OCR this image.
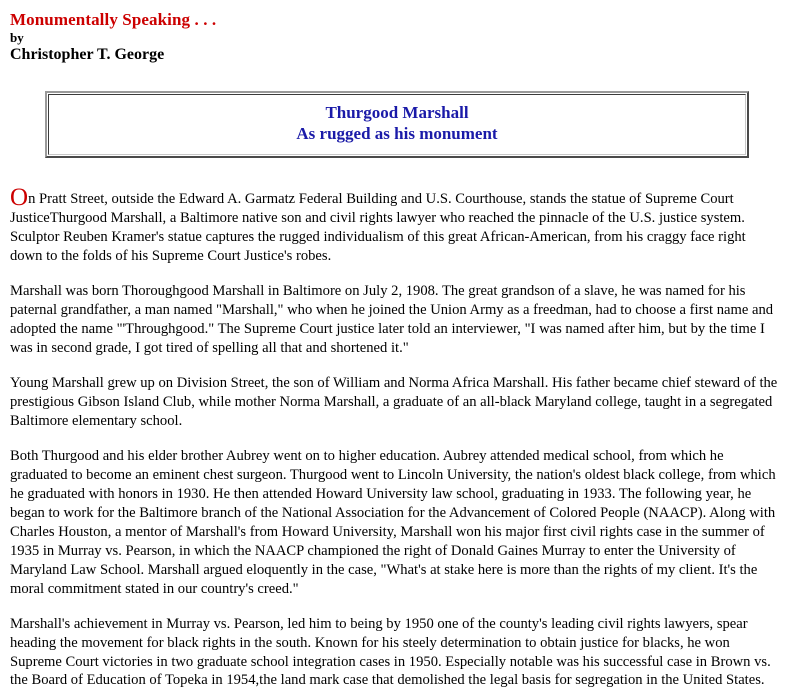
Monumentally Speaking . . .
by
Christopher T. George
Thurgood Marshall
As rugged as his monument

On Pratt Street, outside the Edward A. Garmatz Federal Building and U.S. Courthouse, stands the statue of Supreme Court JusticeThurgood Marshall, a Baltimore native son and civil rights lawyer who reached the pinnacle of the U.S. justice system. Sculptor Reuben Kramer's statue captures the rugged individualism of this great African-American, from his craggy face right down to the folds of his Supreme Court Justice's robes.

Marshall was born Thoroughgood Marshall in Baltimore on July 2, 1908. The great grandson of a slave, he was named for his paternal grandfather, a man named "Marshall," who when he joined the Union Army as a freedman, had to choose a first name and adopted the name "'Throughgood." The Supreme Court justice later told an interviewer, "I was named after him, but by the time I was in second grade, I got tired of spelling all that and shortened it."

Young Marshall grew up on Division Street, the son of William and Norma Africa Marshall. His father became chief steward of the prestigious Gibson Island Club, while mother Norma Marshall, a graduate of an all-black Maryland college, taught in a segregated Baltimore elementary school.

Both Thurgood and his elder brother Aubrey went on to higher education. Aubrey attended medical school, from which he graduated to become an eminent chest surgeon. Thurgood went to Lincoln University, the nation's oldest black college, from which he graduated with honors in 1930. He then attended Howard University law school, graduating in 1933. The following year, he began to work for the Baltimore branch of the National Association for the Advancement of Colored People (NAACP). Along with Charles Houston, a mentor of Marshall's from Howard University, Marshall won his major first civil rights case in the summer of 1935 in Murray vs. Pearson, in which the NAACP championed the right of Donald Gaines Murray to enter the University of Maryland Law School. Marshall argued eloquently in the case, "What's at stake here is more than the rights of my client. It's the moral commitment stated in our country's creed."

Marshall's achievement in Murray vs. Pearson, led him to being by 1950 one of the county's leading civil rights lawyers, spear heading the movement for black rights in the south. Known for his steely determination to obtain justice for blacks, he won Supreme Court victories in two graduate school integration cases in 1950. Especially notable was his successful case in Brown vs. the Board of Education of Topeka in 1954,the land mark case that demolished the legal basis for segregation in the United States.
